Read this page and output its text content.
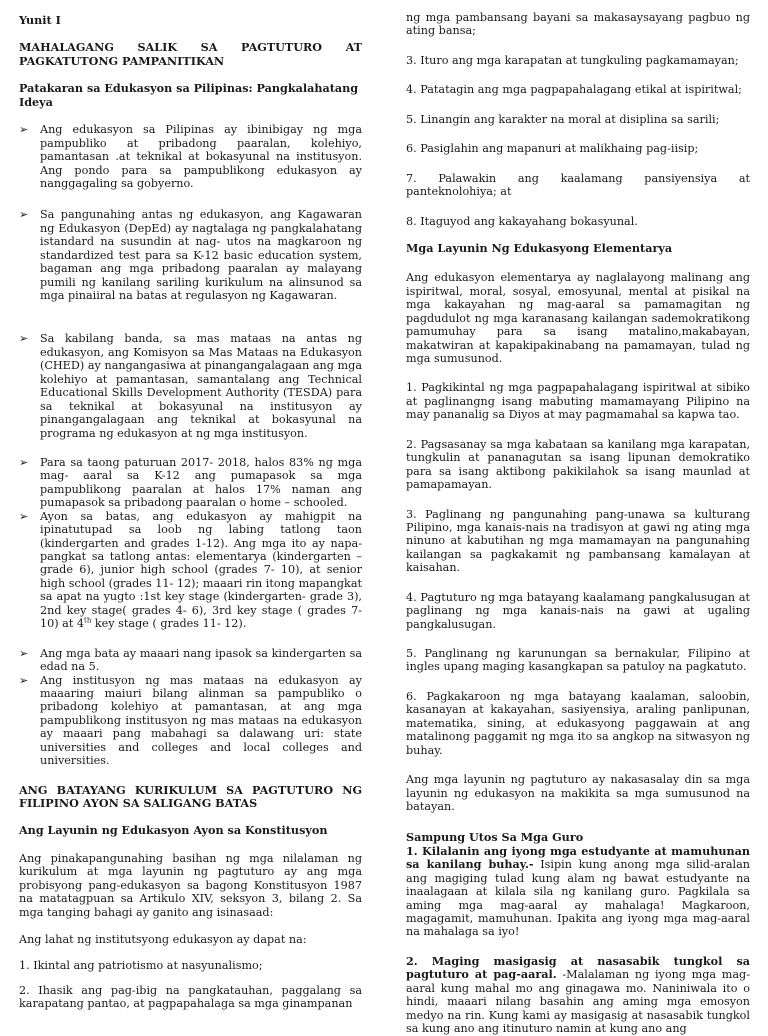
Yunit I
MAHALAGANG SALIK SA PAGTUTURO AT PAGKATUTONG PAMPANITIKAN
Patakaran sa Edukasyon sa Pilipinas: Pangkalahatang Ideya
➢ Ang edukasyon sa Pilipinas ay ibinibigay ng mga pampubliko at pribadong paaralan, kolehiyo, pamantasan .at teknikal at bokasyunal na institusyon. Ang pondo para sa pampublikong edukasyon ay nanggagaling sa gobyerno.
➢ Sa pangunahing antas ng edukasyon, ang Kagawaran ng Edukasyon (DepEd) ay nagtalaga ng pangkalahatang istandard na susundin at nag- utos na magkaroon ng standardized test para sa K-12 basic education system, bagaman ang mga pribadong paaralan ay malayang pumili ng kanilang sariling kurikulum na alinsunod sa mga pinaiiral na batas at regulasyon ng Kagawaran.
➢ Sa kabilang banda, sa mas mataas na antas ng edukasyon, ang Komisyon sa Mas Mataas na Edukasyon (CHED) ay nangangasiwa at pinangangalagaan ang mga kolehiyo at pamantasan, samantalang ang Technical Educational Skills Development Authority (TESDA) para sa teknikal at bokasyunal na institusyon ay pinangangalagaan ang teknikal at bokasyunal na programa ng edukasyon at ng mga institusyon.
➢ Para sa taong paturuan 2017- 2018, halos 83% ng mga mag- aaral sa K-12 ang pumapasok sa mga pampublikong paaralan at halos 17% naman ang pumapasok sa pribadong paaralan o home – schooled.
➢ Ayon sa batas, ang edukasyon ay mahigpit na ipinatutupad sa loob ng labing tatlong taon (kindergarten and grades 1-12). Ang mga ito ay napa- pangkat sa tatlong antas: elementarya (kindergarten – grade 6), junior high school (grades 7- 10), at senior high school (grades 11- 12); maaari rin itong mapangkat sa apat na yugto :1st key stage (kindergarten- grade 3), 2nd key stage( grades 4- 6), 3rd key stage ( grades 7- 10) at 4th key stage ( grades 11- 12).
➢ Ang mga bata ay maaari nang ipasok sa kindergarten sa edad na 5.
➢ Ang institusyon ng mas mataas na edukasyon ay maaaring maiuri bilang alinman sa pampubliko o pribadong kolehiyo at pamantasan, at ang mga pampublikong institusyon ng mas mataas na edukasyon ay maaari pang mabahagi sa dalawang uri: state universities and colleges and local colleges and universities.
ANG BATAYANG KURIKULUM SA PAGTUTURO NG FILIPINO AYON SA SALIGANG BATAS
Ang Layunin ng Edukasyon Ayon sa Konstitusyon

Ang pinakapangunahing basihan ng mga nilalaman ng kurikulum at mga layunin ng pagtuturo ay ang mga probisyong pang-edukasyon sa bagong Konstitusyon 1987 na matatagpuan sa Artikulo XIV, seksyon 3, bilang 2. Sa mga tanging bahagi ay ganito ang isinasaad:

Ang lahat ng institutsyong edukasyon ay dapat na:

1. Ikintal ang patriotismo at nasyunalismo;

2. Ihasik ang pag-ibig na pangkatauhan, paggalang sa karapatang pantao, at pagpapahalaga sa mga ginampanan

ng mga pambansang bayani sa makasaysayang pagbuo ng ating bansa;

3. Ituro ang mga karapatan at tungkuling pagkamamayan;

4. Patatagin ang mga pagpapahalagang etikal at ispiritwal;

5. Linangin ang karakter na moral at disiplina sa sarili;

6. Pasiglahin ang mapanuri at malikhaing pag-iisip;

7. Palawakin ang kaalamang pansiyensiya at panteknolohiya; at

8. Itaguyod ang kakayahang bokasyunal.

Mga Layunin Ng Edukasyong Elementarya

Ang edukasyon elementarya ay naglalayong malinang ang ispiritwal, moral, sosyal, emosyunal, mental at pisikal na mga kakayahan ng mag-aaral sa pamamagitan ng pagdudulot ng mga karanasang kailangan sademokratikong pamumuhay para sa isang matalino,makabayan, makatwiran at kapakipakinabang na pamamayan, tulad ng mga sumusunod.

1. Pagkikintal ng mga pagpapahalagang ispiritwal at sibiko at paglinangng isang mabuting mamamayang Pilipino na may pananalig sa Diyos at may pagmamahal sa kapwa tao.

2. Pagsasanay sa mga kabataan sa kanilang mga karapatan, tungkulin at pananagutan sa isang lipunan demokratiko para sa isang aktibong pakikilahok sa isang maunlad at pamapamayan.

3. Paglinang ng pangunahing pang-unawa sa kulturang Pilipino, mga kanais-nais na tradisyon at gawi ng ating mga ninuno at kabutihan ng mga mamamayan na pangunahing kailangan sa pagkakamit ng pambansang kamalayan at kaisahan.

4. Pagtuturo ng mga batayang kaalamang pangkalusugan at paglinang ng mga kanais-nais na gawi at ugaling pangkalusugan.

5. Panglinang ng karunungan sa bernakular, Filipino at ingles upang maging kasangkapan sa patuloy na pagkatuto.

6. Pagkakaroon ng mga batayang kaalaman, saloobin, kasanayan at kakayahan, sasiyensiya, araling panlipunan, matematika, sining, at edukasyong paggawain at ang matalinong paggamit ng mga ito sa angkop na sitwasyon ng buhay.

Ang mga layunin ng pagtuturo ay nakasasalay din sa mga layunin ng edukasyon na makikita sa mga sumusunod na batayan.

Sampung Utos Sa Mga Guro

1. Kilalanin ang iyong mga estudyante at mamuhunan sa kanilang buhay.- Isipin kung anong mga silid-aralan ang magiging tulad kung alam ng bawat estudyante na inaalagaan at kilala sila ng kanilang guro. Pagkilala sa aming mga mag-aaral ay mahalaga! Magkaroon, magagamit, mamuhunan. Ipakita ang iyong mga mag-aaral na mahalaga sa iyo!

2. Maging masigasig at nasasabik tungkol sa pagtuturo at pag-aaral. -Malalaman ng iyong mga mag-aaral kung mahal mo ang ginagawa mo. Naniniwala ito o hindi, maaari nilang basahin ang aming mga emosyon medyo na rin. Kung kami ay masigasig at nasasabik tungkol sa kung ano ang itinuturo namin at kung ano ang
